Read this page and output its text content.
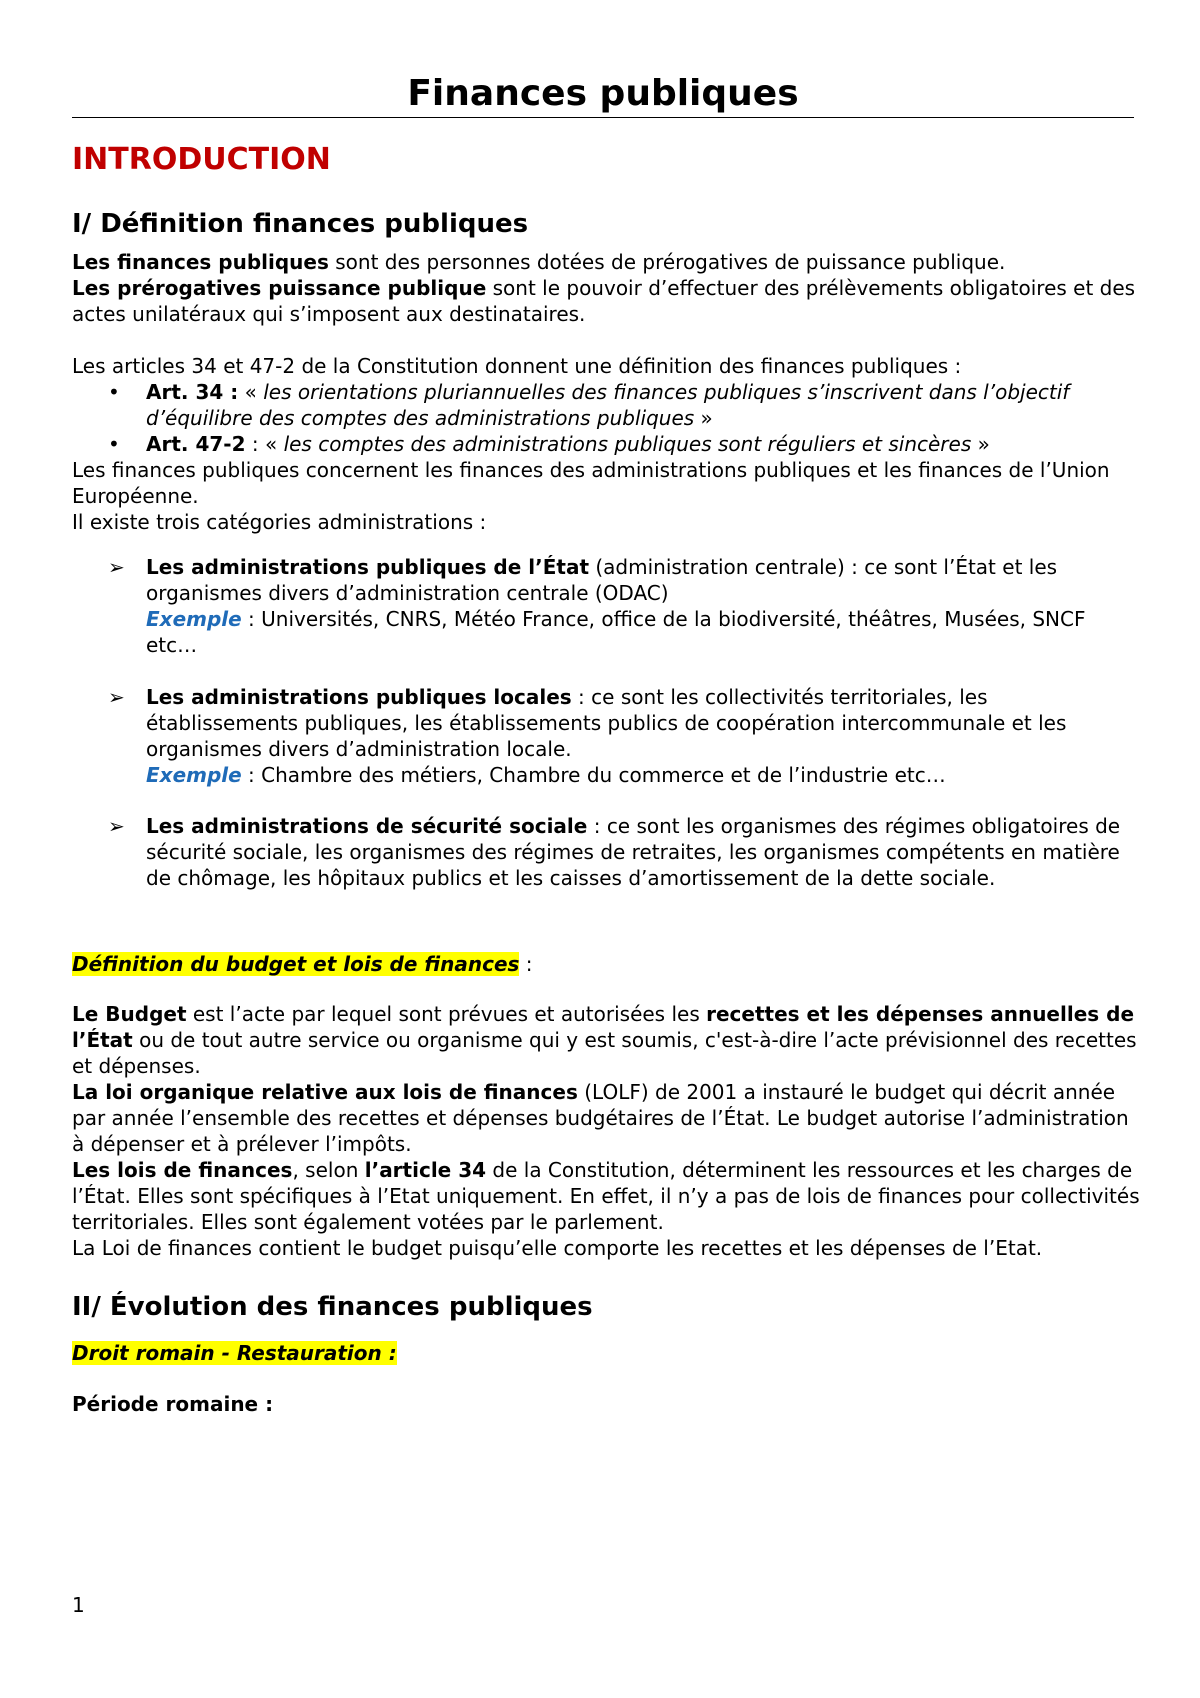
Finances publiques
INTRODUCTION
I/ Définition finances publiques

Les finances publiques sont des personnes dotées de prérogatives de puissance publique.

Les prérogatives puissance publique sont le pouvoir d’effectuer des prélèvements obligatoires et des actes unilatéraux qui s’imposent aux destinataires.

Les articles 34 et 47-2 de la Constitution donnent une définition des finances publiques :

• Art. 34 : « les orientations pluriannuelles des finances publiques s’inscrivent dans l’objectif d’équilibre des comptes des administrations publiques »
• Art. 47-2 : « les comptes des administrations publiques sont réguliers et sincères »

Les finances publiques concernent les finances des administrations publiques et les finances de l’Union Européenne.

Il existe trois catégories administrations :

➢ Les administrations publiques de l’État (administration centrale) : ce sont l’État et les organismes divers d’administration centrale (ODAC)
Exemple : Universités, CNRS, Météo France, office de la biodiversité, théâtres, Musées, SNCF etc…
➢ Les administrations publiques locales : ce sont les collectivités territoriales, les établissements publiques, les établissements publics de coopération intercommunale et les organismes divers d’administration locale.
Exemple : Chambre des métiers, Chambre du commerce et de l’industrie etc…
➢ Les administrations de sécurité sociale : ce sont les organismes des régimes obligatoires de sécurité sociale, les organismes des régimes de retraites, les organismes compétents en matière de chômage, les hôpitaux publics et les caisses d’amortissement de la dette sociale.

Définition du budget et lois de finances :

Le Budget est l’acte par lequel sont prévues et autorisées les recettes et les dépenses annuelles de l’État ou de tout autre service ou organisme qui y est soumis, c'est-à-dire l’acte prévisionnel des recettes et dépenses.

La loi organique relative aux lois de finances (LOLF) de 2001 a instauré le budget qui décrit année par année l’ensemble des recettes et dépenses budgétaires de l’État. Le budget autorise l’administration à dépenser et à prélever l’impôts.

Les lois de finances, selon l’article 34 de la Constitution, déterminent les ressources et les charges de l’État. Elles sont spécifiques à l’Etat uniquement. En effet, il n’y a pas de lois de finances pour collectivités territoriales. Elles sont également votées par le parlement.

La Loi de finances contient le budget puisqu’elle comporte les recettes et les dépenses de l’Etat.

II/ Évolution des finances publiques

Droit romain - Restauration :

Période romaine :

1
